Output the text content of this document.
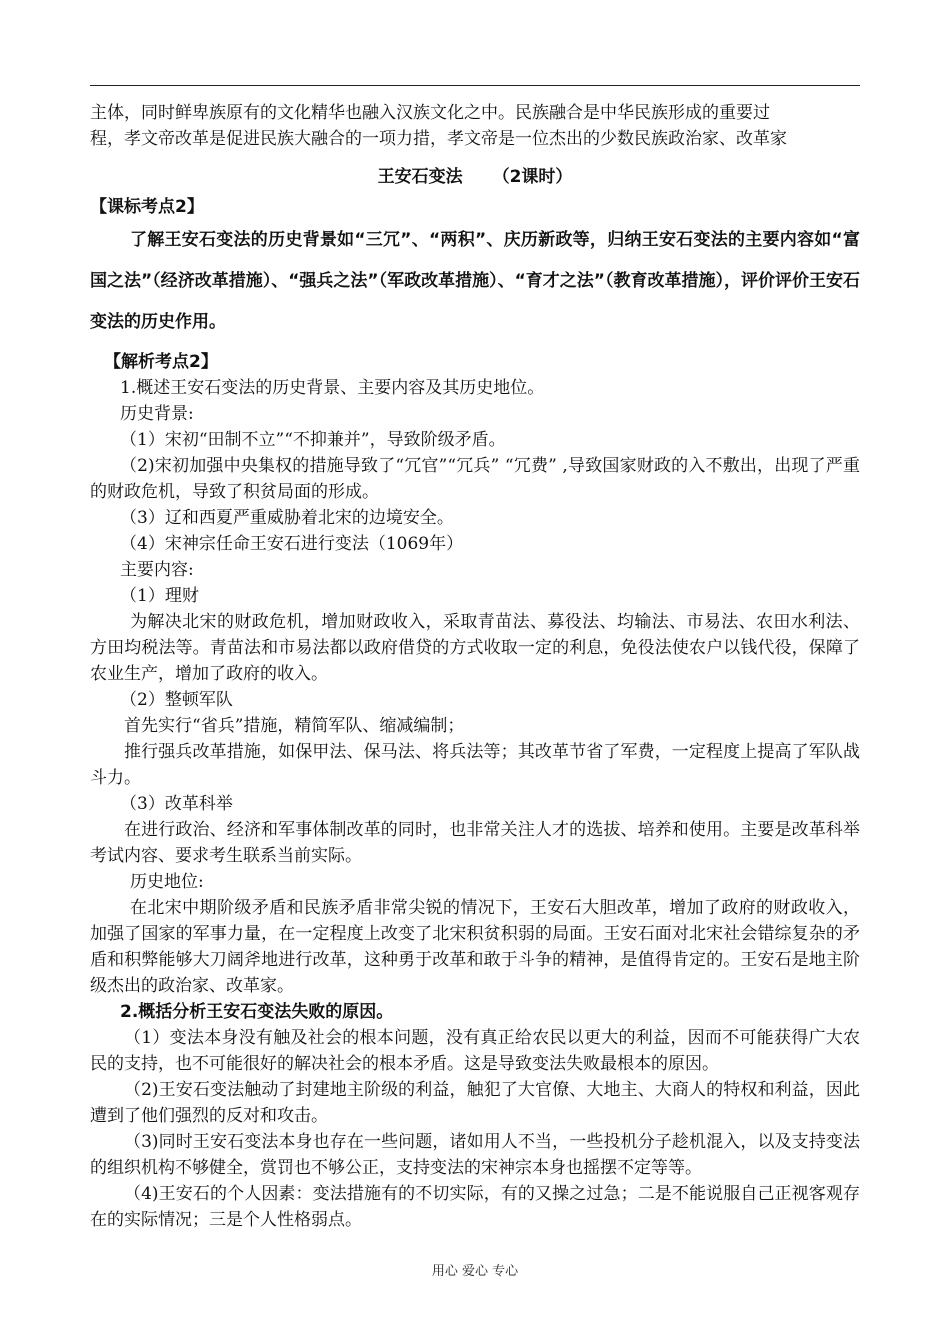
主体，同时鲜卑族原有的文化精华也融入汉族文化之中。民族融合是中华民族形成的重要过

程，孝文帝改革是促进民族大融合的一项力措，孝文帝是一位杰出的少数民族政治家、改革家

王安石变法 （2课时）

【课标考点2】

了解王安石变法的历史背景如“三冗”、“两积”、庆历新政等，归纳王安石变法的主要内容如“富国之法”（经济改革措施）、“强兵之法”（军政改革措施）、“育才之法”（教育改革措施），评价评价王安石变法的历史作用。

【解析考点2】

1.概述王安石变法的历史背景、主要内容及其历史地位。

历史背景:

（1）宋初“田制不立”“不抑兼并”，导致阶级矛盾。

（2)宋初加强中央集权的措施导致了“冗官”“冗兵” “冗费” ,导致国家财政的入不敷出，出现了严重的财政危机，导致了积贫局面的形成。

（3）辽和西夏严重威胁着北宋的边境安全。

（4）宋神宗任命王安石进行变法（1069年）

主要内容:

（1）理财

为解决北宋的财政危机，增加财政收入，采取青苗法、募役法、均输法、市易法、农田水利法、方田均税法等。青苗法和市易法都以政府借贷的方式收取一定的利息，免役法使农户以钱代役，保障了农业生产，增加了政府的收入。

（2）整顿军队

首先实行“省兵”措施，精简军队、缩减编制；

推行强兵改革措施，如保甲法、保马法、将兵法等；其改革节省了军费，一定程度上提高了军队战斗力。

（3）改革科举

在进行政治、经济和军事体制改革的同时，也非常关注人才的选拔、培养和使用。主要是改革科举考试内容、要求考生联系当前实际。

历史地位:

在北宋中期阶级矛盾和民族矛盾非常尖锐的情况下，王安石大胆改革，增加了政府的财政收入，加强了国家的军事力量，在一定程度上改变了北宋积贫积弱的局面。王安石面对北宋社会错综复杂的矛盾和积弊能够大刀阔斧地进行改革，这种勇于改革和敢于斗争的精神，是值得肯定的。王安石是地主阶级杰出的政治家、改革家。

2.概括分析王安石变法失败的原因。

（1）变法本身没有触及社会的根本问题，没有真正给农民以更大的利益，因而不可能获得广大农民的支持，也不可能很好的解决社会的根本矛盾。这是导致变法失败最根本的原因。

（2)王安石变法触动了封建地主阶级的利益，触犯了大官僚、大地主、大商人的特权和利益，因此遭到了他们强烈的反对和攻击。

（3)同时王安石变法本身也存在一些问题，诸如用人不当，一些投机分子趁机混入，以及支持变法的组织机构不够健全，赏罚也不够公正，支持变法的宋神宗本身也摇摆不定等等。

（4)王安石的个人因素：变法措施有的不切实际，有的又操之过急；二是不能说服自己正视客观存在的实际情况；三是个人性格弱点。

用心 爱心 专心
